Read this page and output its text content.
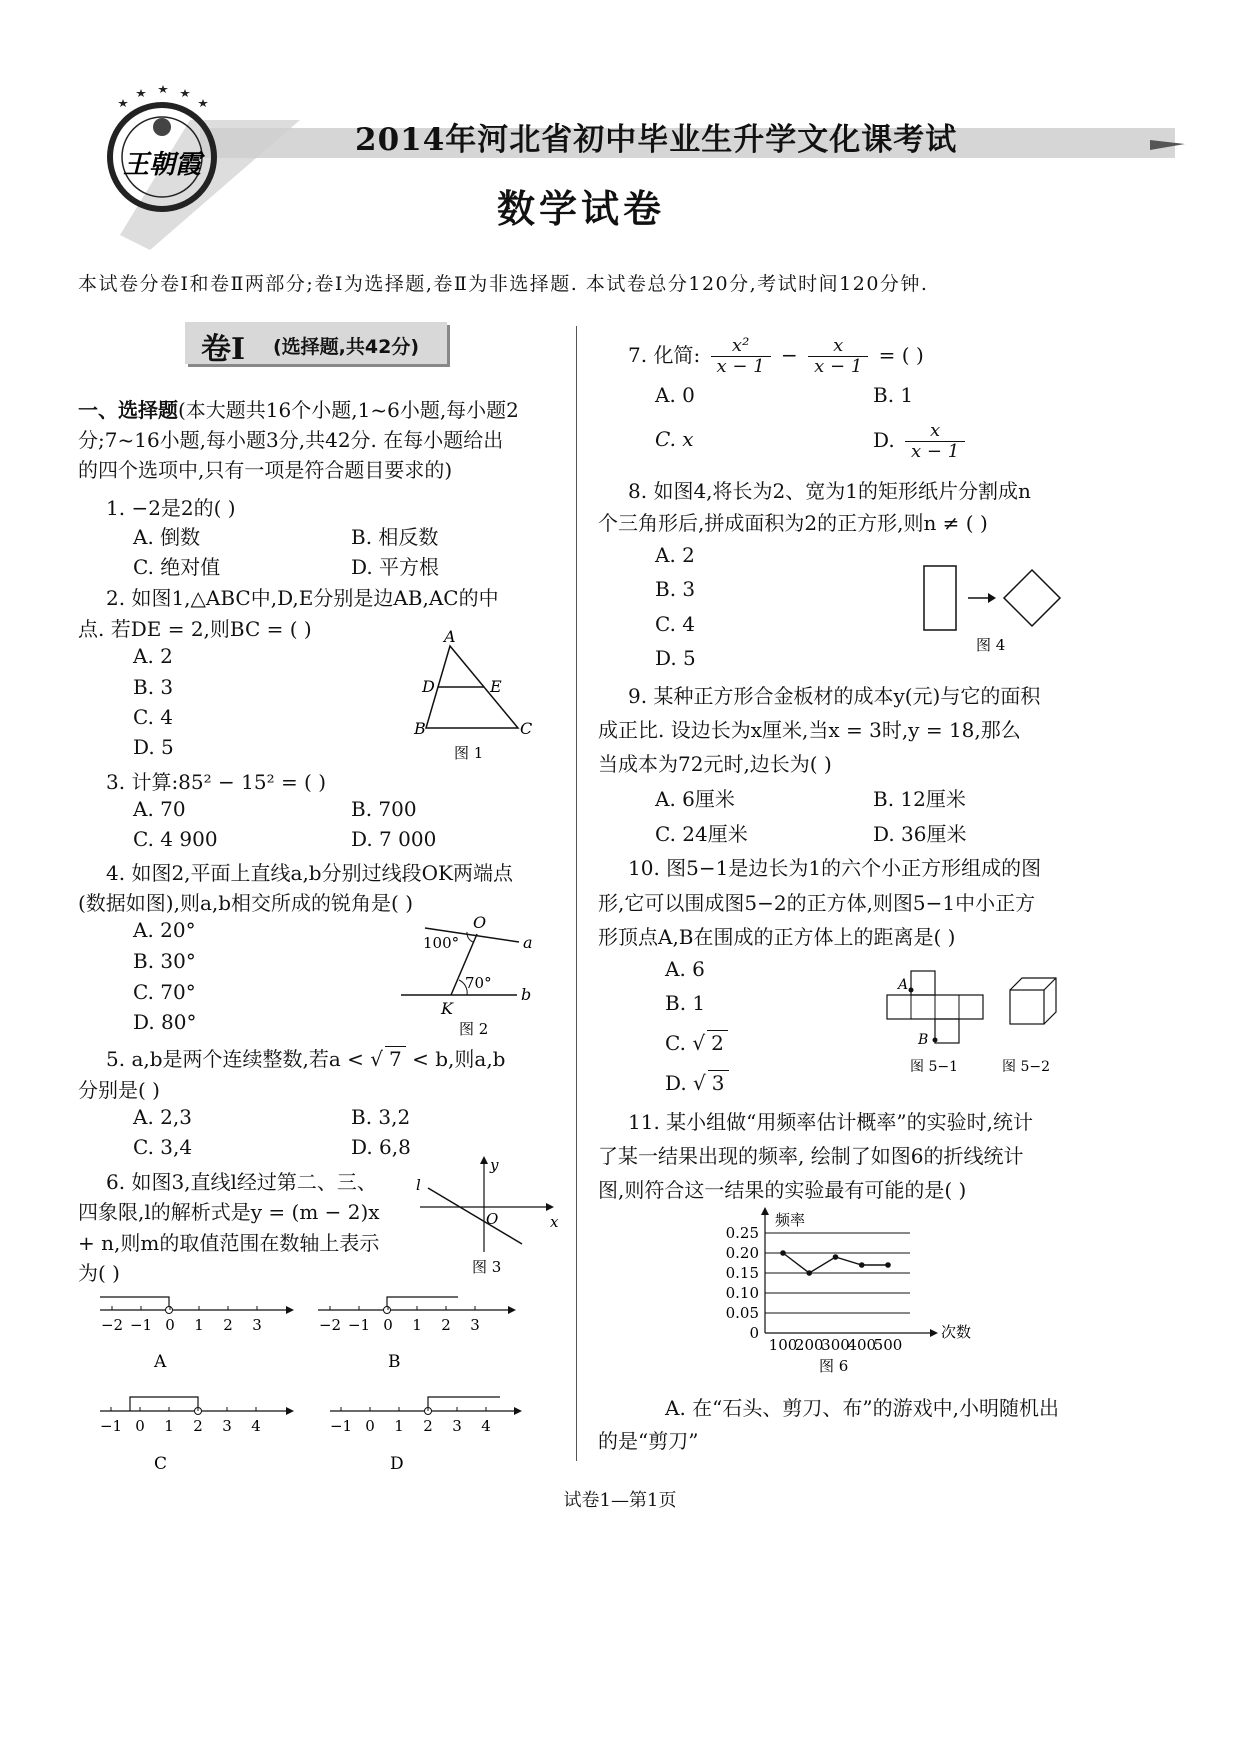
王朝霞
2014年河北省初中毕业生升学文化课考试
数学试卷
本试卷分卷Ⅰ和卷Ⅱ两部分;卷Ⅰ为选择题,卷Ⅱ为非选择题. 本试卷总分120分,考试时间120分钟.
卷Ⅰ (选择题,共42分)
一、选择题(本大题共16个小题,1~6小题,每小题2
分;7~16小题,每小题3分,共42分. 在每小题给出
的四个选项中,只有一项是符合题目要求的)
1. −2是2的( )
A. 倒数	B. 相反数
C. 绝对值	D. 平方根
2. 如图1,△ABC中,D,E分别是边AB,AC的中
点. 若DE = 2,则BC = ( )
A. 2
B. 3
C. 4
D. 5
A
B	C
D	E
图 1
3. 计算:85² − 15² = ( )
A. 70	B. 700
C. 4 900	D. 7 000
4. 如图2,平面上直线a,b分别过线段OK两端点
(数据如图),则a,b相交所成的锐角是( )
A. 20°
B. 30°
C. 70°
D. 80°
O
K
a
b
100°
70°
图 2
5. a,b是两个连续整数,若a < √ 7 < b,则a,b
分别是( )
A. 2,3	B. 3,2
C. 3,4	D. 6,8
6. 如图3,直线l经过第二、三、
四象限,l的解析式是y = (m − 2)x
+ n,则m的取值范围在数轴上表示
为( )
y
x
O
l
图 3
−2 −1 0 1 2 3	−2 −1 0 1 2 3
−1 0 1 2 3 4	−1 0 1 2 3 4
A	B
C	D
7. 化简: $\frac{\text{x²}}{x - 1} - \frac{x}{x - 1}$ = ( )
A. 0	B. 1
C. x	D. $\frac{x}{x - 1}$
8. 如图4,将长为2、宽为1的矩形纸片分割成n
个三角形后,拼成面积为2的正方形,则n ≠ ( )
A. 2
B. 3
C. 4
D. 5
图 4
9. 某种正方形合金板材的成本y(元)与它的面积
成正比. 设边长为x厘米,当x = 3时,y = 18,那么
当成本为72元时,边长为( )
A. 6厘米	B. 12厘米
C. 24厘米	D. 36厘米
10. 图5−1是边长为1的六个小正方形组成的图
形,它可以围成图5−2的正方体,则图5−1中小正方
形顶点A,B在围成的正方体上的距离是( )
A. 6
B. 1
C. √ 2
D. √ 3
A
B
图 5−1	图 5−2
11. 某小组做“用频率估计概率”的实验时,统计
了某一结果出现的频率, 绘制了如图6的折线统计
图,则符合这一结果的实验最有可能的是( )
0
0.05
0.10
0.15
0.20
0.25
100
200
300
400
500
频率
次数
图 6
A. 在“石头、剪刀、布”的游戏中,小明随机出
的是“剪刀”
试卷1—第1页
